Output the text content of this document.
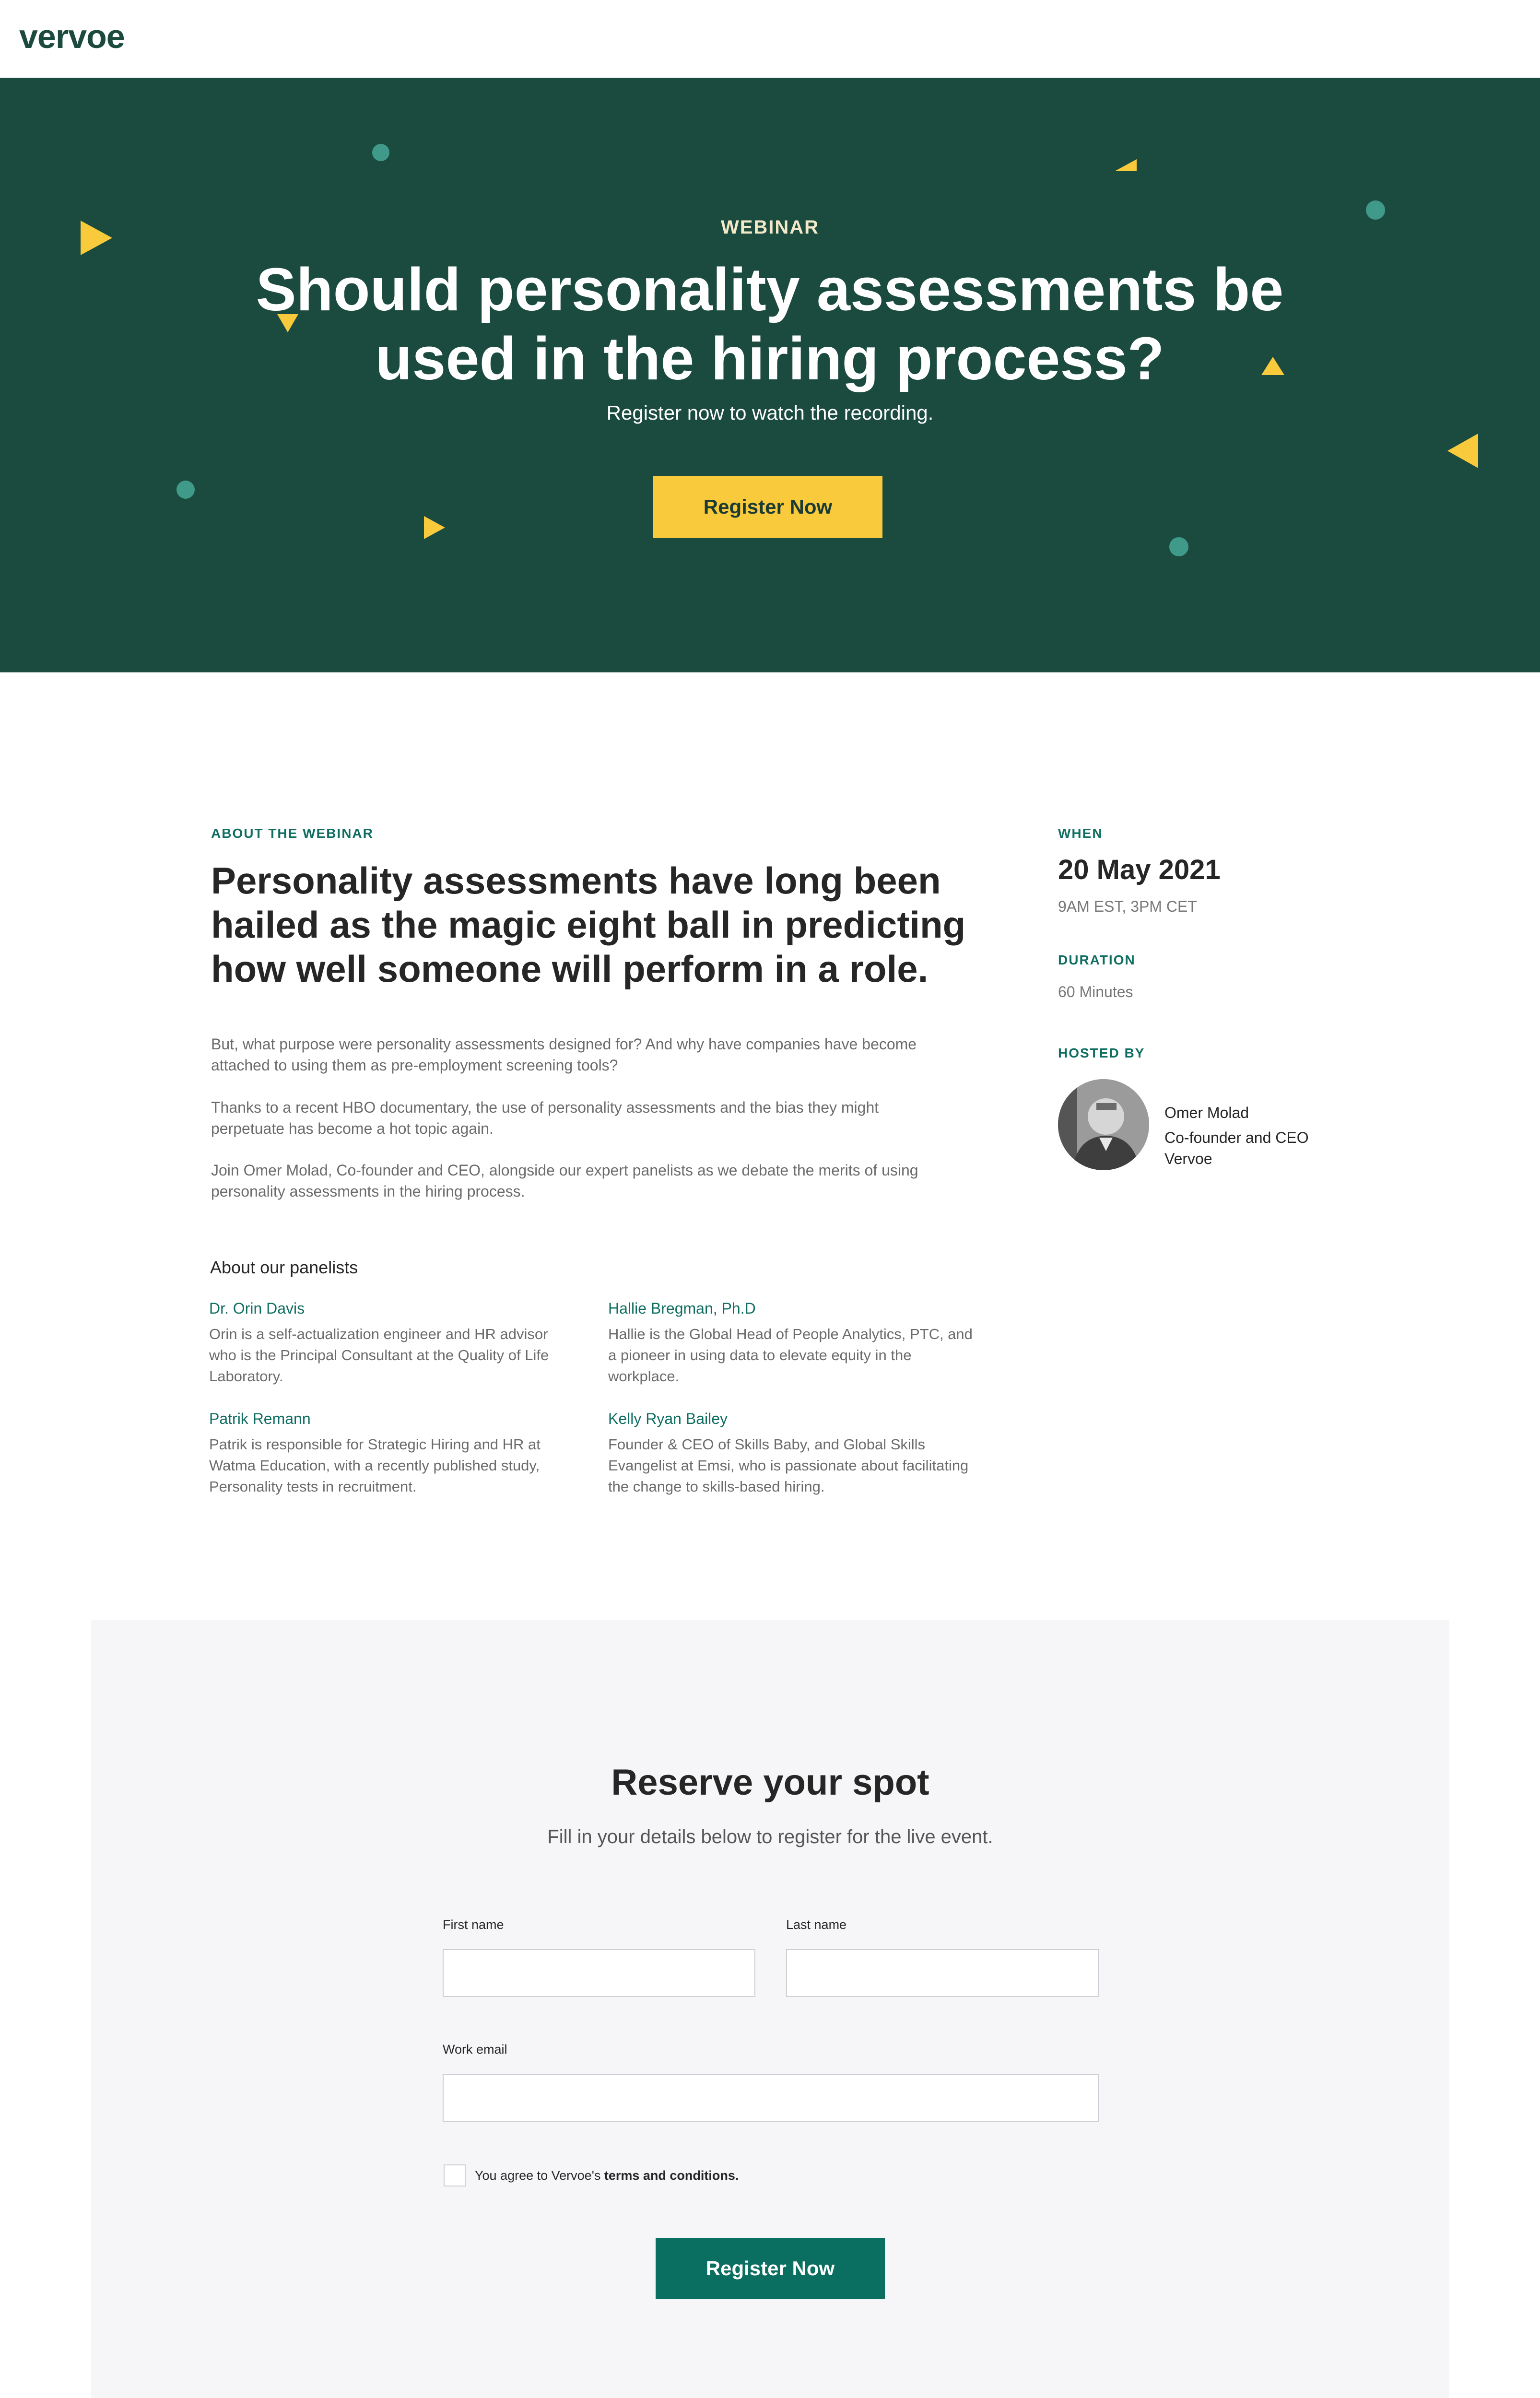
vervoe
WEBINAR
Should personality assessments be used in the hiring process?
Register now to watch the recording.
Register Now
ABOUT THE WEBINAR
Personality assessments have long been hailed as the magic eight ball in predicting how well someone will perform in a role.

But, what purpose were personality assessments designed for? And why have companies have become attached to using them as pre-employment screening tools?

Thanks to a recent HBO documentary, the use of personality assessments and the bias they might perpetuate has become a hot topic again.

Join Omer Molad, Co-founder and CEO, alongside our expert panelists as we debate the merits of using personality assessments in the hiring process.

About our panelists
Dr. Orin Davis

Orin is a self-actualization engineer and HR advisor who is the Principal Consultant at the Quality of Life Laboratory.

Hallie Bregman, Ph.D

Hallie is the Global Head of People Analytics, PTC, and a pioneer in using data to elevate equity in the workplace.

Patrik Remann

Patrik is responsible for Strategic Hiring and HR at Watma Education, with a recently published study, Personality tests in recruitment.

Kelly Ryan Bailey

Founder & CEO of Skills Baby, and Global Skills Evangelist at Emsi, who is passionate about facilitating the change to skills-based hiring.

WHEN
20 May 2021
9AM EST, 3PM CET
DURATION
60 Minutes
HOSTED BY
Omer Molad
Co-founder and CEO
Vervoe
Reserve your spot
Fill in your details below to register for the live event.
First name	Last name
Work email
You agree to Vervoe's terms and conditions.
Register Now
